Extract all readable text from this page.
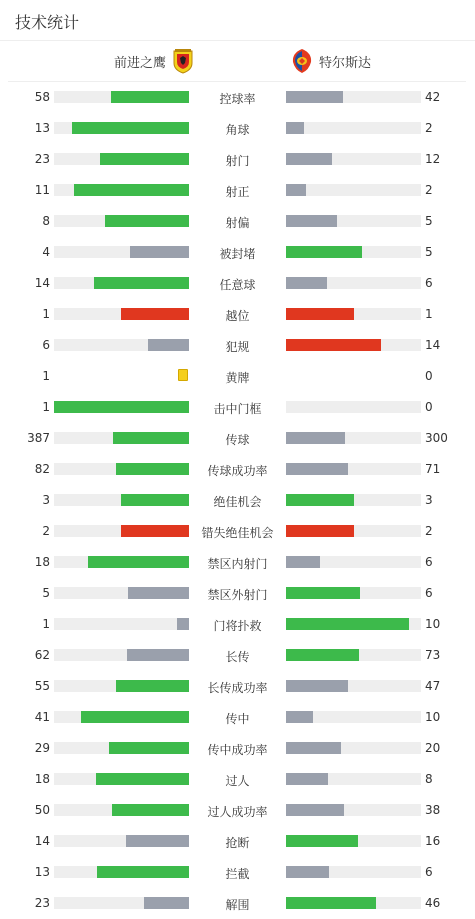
技术统计
前进之鹰	特尔斯达
58	控球率	42
13	角球	2
23	射门	12
11	射正	2
8	射偏	5
4	被封堵	5
14	任意球	6
1	越位	1
6	犯规	14
1	黄牌	0
1	击中门框	0
387	传球	300
82	传球成功率	71
3	绝佳机会	3
2	错失绝佳机会	2
18	禁区内射门	6
5	禁区外射门	6
1	门将扑救	10
62	长传	73
55	长传成功率	47
41	传中	10
29	传中成功率	20
18	过人	8
50	过人成功率	38
14	抢断	16
13	拦截	6
23	解围	46
